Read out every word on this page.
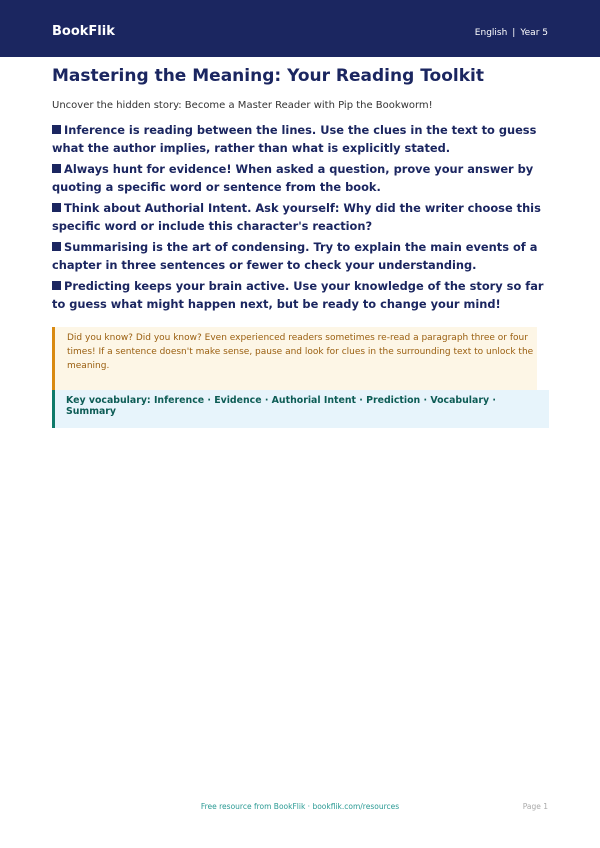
BookFlik	English | Year 5
Mastering the Meaning: Your Reading Toolkit

Uncover the hidden story: Become a Master Reader with Pip the Bookworm!

Inference is reading between the lines. Use the clues in the text to guess what the author implies, rather than what is explicitly stated.
Always hunt for evidence! When asked a question, prove your answer by quoting a specific word or sentence from the book.
Think about Authorial Intent. Ask yourself: Why did the writer choose this specific word or include this character's reaction?
Summarising is the art of condensing. Try to explain the main events of a chapter in three sentences or fewer to check your understanding.
Predicting keeps your brain active. Use your knowledge of the story so far to guess what might happen next, but be ready to change your mind!
Did you know? Did you know? Even experienced readers sometimes re-read a paragraph three or four times! If a sentence doesn't make sense, pause and look for clues in the surrounding text to unlock the meaning.
Key vocabulary: Inference · Evidence · Authorial Intent · Prediction · Vocabulary · Summary
Free resource from BookFlik · bookflik.com/resources	Page 1
